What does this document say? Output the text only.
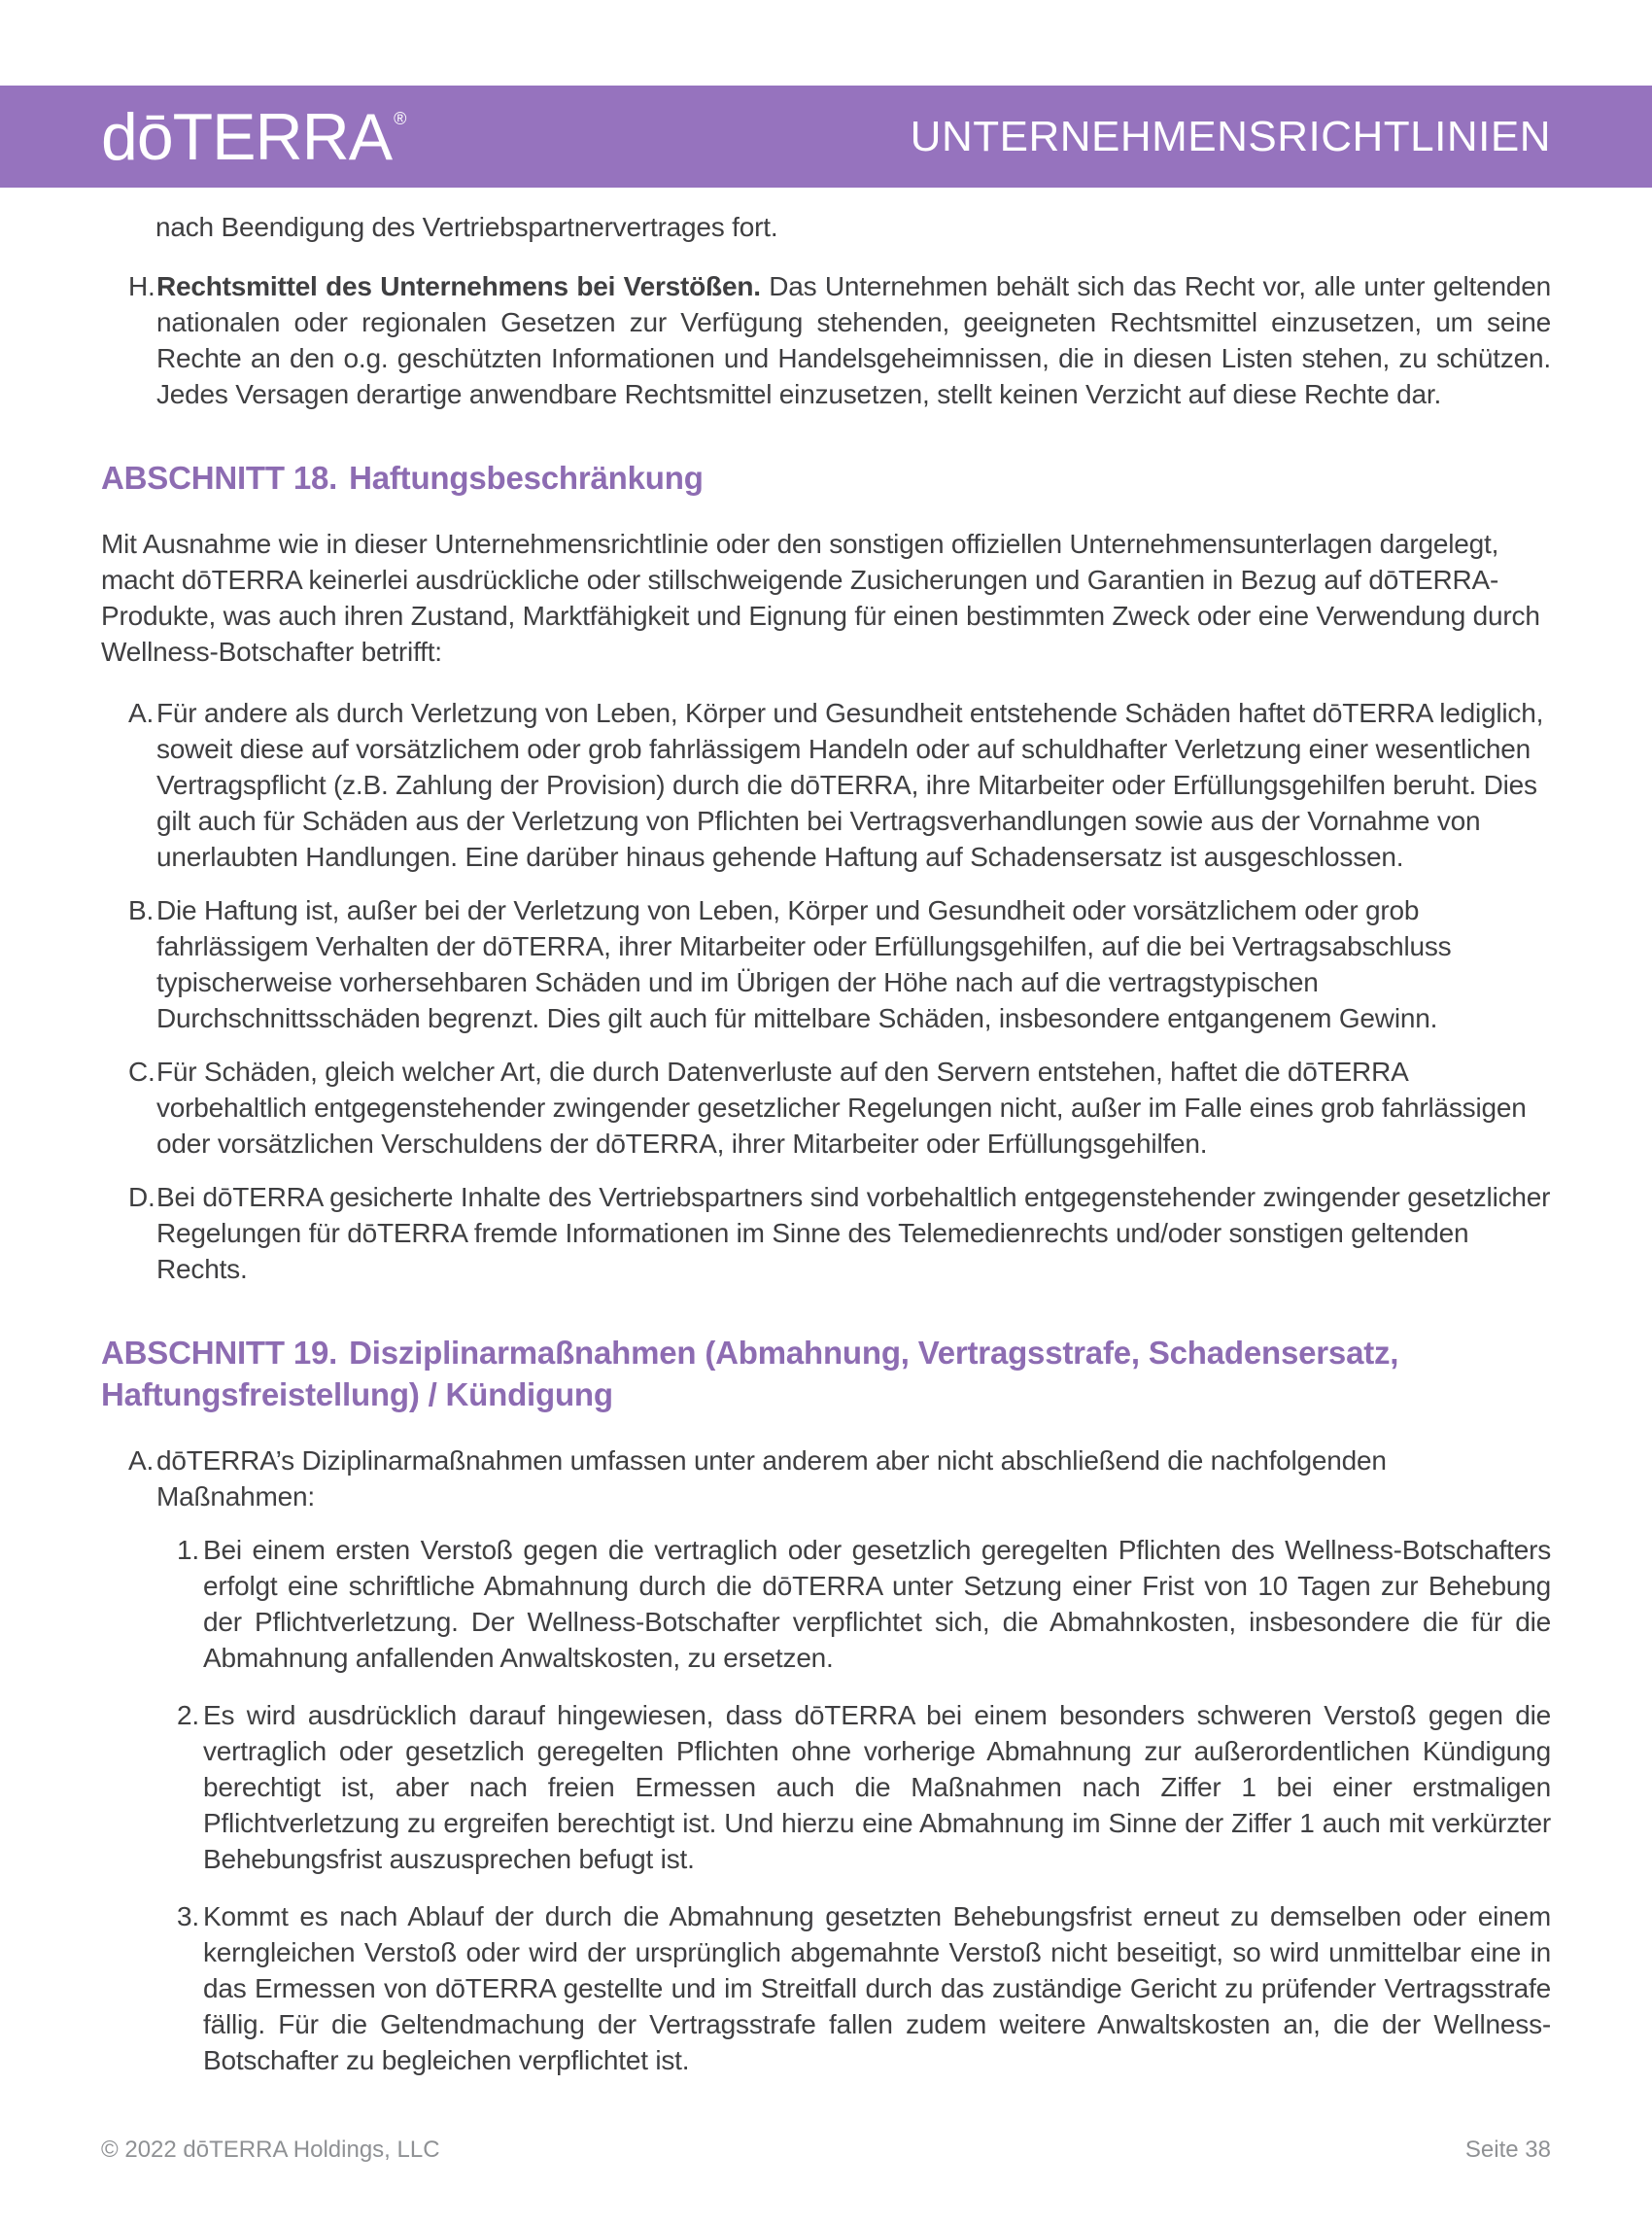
dōTERRA ®	UNTERNEHMENSRICHTLINIEN

nach Beendigung des Vertriebspartnervertrages fort.

H. Rechtsmittel des Unternehmens bei Verstößen. Das Unternehmen behält sich das Recht vor, alle unter geltenden nationalen oder regionalen Gesetzen zur Verfügung stehenden, geeigneten Rechtsmittel einzusetzen, um seine Rechte an den o.g. geschützten Informationen und Handelsgeheimnissen, die in diesen Listen stehen, zu schützen. Jedes Versagen derartige anwendbare Rechtsmittel einzusetzen, stellt keinen Verzicht auf diese Rechte dar.
ABSCHNITT 18. Haftungsbeschränkung

Mit Ausnahme wie in dieser Unternehmensrichtlinie oder den sonstigen offiziellen Unternehmensunterlagen dargelegt, macht dōTERRA keinerlei ausdrückliche oder stillschweigende Zusicherungen und Garantien in Bezug auf dōTERRA-Produkte, was auch ihren Zustand, Marktfähigkeit und Eignung für einen bestimmten Zweck oder eine Verwendung durch Wellness-Botschafter betrifft:

A. Für andere als durch Verletzung von Leben, Körper und Gesundheit entstehende Schäden haftet dōTERRA lediglich, soweit diese auf vorsätzlichem oder grob fahrlässigem Handeln oder auf schuldhafter Verletzung einer wesentlichen Vertragspflicht (z.B. Zahlung der Provision) durch die dōTERRA, ihre Mitarbeiter oder Erfüllungsgehilfen beruht. Dies gilt auch für Schäden aus der Verletzung von Pflichten bei Vertragsverhandlungen sowie aus der Vornahme von unerlaubten Handlungen. Eine darüber hinaus gehende Haftung auf Schadensersatz ist ausgeschlossen.
B. Die Haftung ist, außer bei der Verletzung von Leben, Körper und Gesundheit oder vorsätzlichem oder grob fahrlässigem Verhalten der dōTERRA, ihrer Mitarbeiter oder Erfüllungsgehilfen, auf die bei Vertragsabschluss typischerweise vorhersehbaren Schäden und im Übrigen der Höhe nach auf die vertragstypischen Durchschnittsschäden begrenzt. Dies gilt auch für mittelbare Schäden, insbesondere entgangenem Gewinn.
C. Für Schäden, gleich welcher Art, die durch Datenverluste auf den Servern entstehen, haftet die dōTERRA vorbehaltlich entgegenstehender zwingender gesetzlicher Regelungen nicht, außer im Falle eines grob fahrlässigen oder vorsätzlichen Verschuldens der dōTERRA, ihrer Mitarbeiter oder Erfüllungsgehilfen.
D. Bei dōTERRA gesicherte Inhalte des Vertriebspartners sind vorbehaltlich entgegenstehender zwingender gesetzlicher Regelungen für dōTERRA fremde Informationen im Sinne des Telemedienrechts und/oder sonstigen geltenden Rechts.
ABSCHNITT 19. Disziplinarmaßnahmen (Abmahnung, Vertragsstrafe, Schadensersatz, Haftungsfreistellung) / Kündigung
A. dōTERRA’s Diziplinarmaßnahmen umfassen unter anderem aber nicht abschließend die nachfolgenden Maßnahmen:
1. Bei einem ersten Verstoß gegen die vertraglich oder gesetzlich geregelten Pflichten des Wellness-Botschafters erfolgt eine schriftliche Abmahnung durch die dōTERRA unter Setzung einer Frist von 10 Tagen zur Behebung der Pflichtverletzung. Der Wellness-Botschafter verpflichtet sich, die Abmahnkosten, insbesondere die für die Abmahnung anfallenden Anwaltskosten, zu ersetzen.
2. Es wird ausdrücklich darauf hingewiesen, dass dōTERRA bei einem besonders schweren Verstoß gegen die vertraglich oder gesetzlich geregelten Pflichten ohne vorherige Abmahnung zur außerordentlichen Kündigung berechtigt ist, aber nach freien Ermessen auch die Maßnahmen nach Ziffer 1 bei einer erstmaligen Pflichtverletzung zu ergreifen berechtigt ist. Und hierzu eine Abmahnung im Sinne der Ziffer 1 auch mit verkürzter Behebungsfrist auszusprechen befugt ist.
3. Kommt es nach Ablauf der durch die Abmahnung gesetzten Behebungsfrist erneut zu demselben oder einem kerngleichen Verstoß oder wird der ursprünglich abgemahnte Verstoß nicht beseitigt, so wird unmittelbar eine in das Ermessen von dōTERRA gestellte und im Streitfall durch das zuständige Gericht zu prüfender Vertragsstrafe fällig. Für die Geltendmachung der Vertragsstrafe fallen zudem weitere Anwaltskosten an, die der Wellness-Botschafter zu begleichen verpflichtet ist.
© 2022 dōTERRA Holdings, LLC	Seite 38
